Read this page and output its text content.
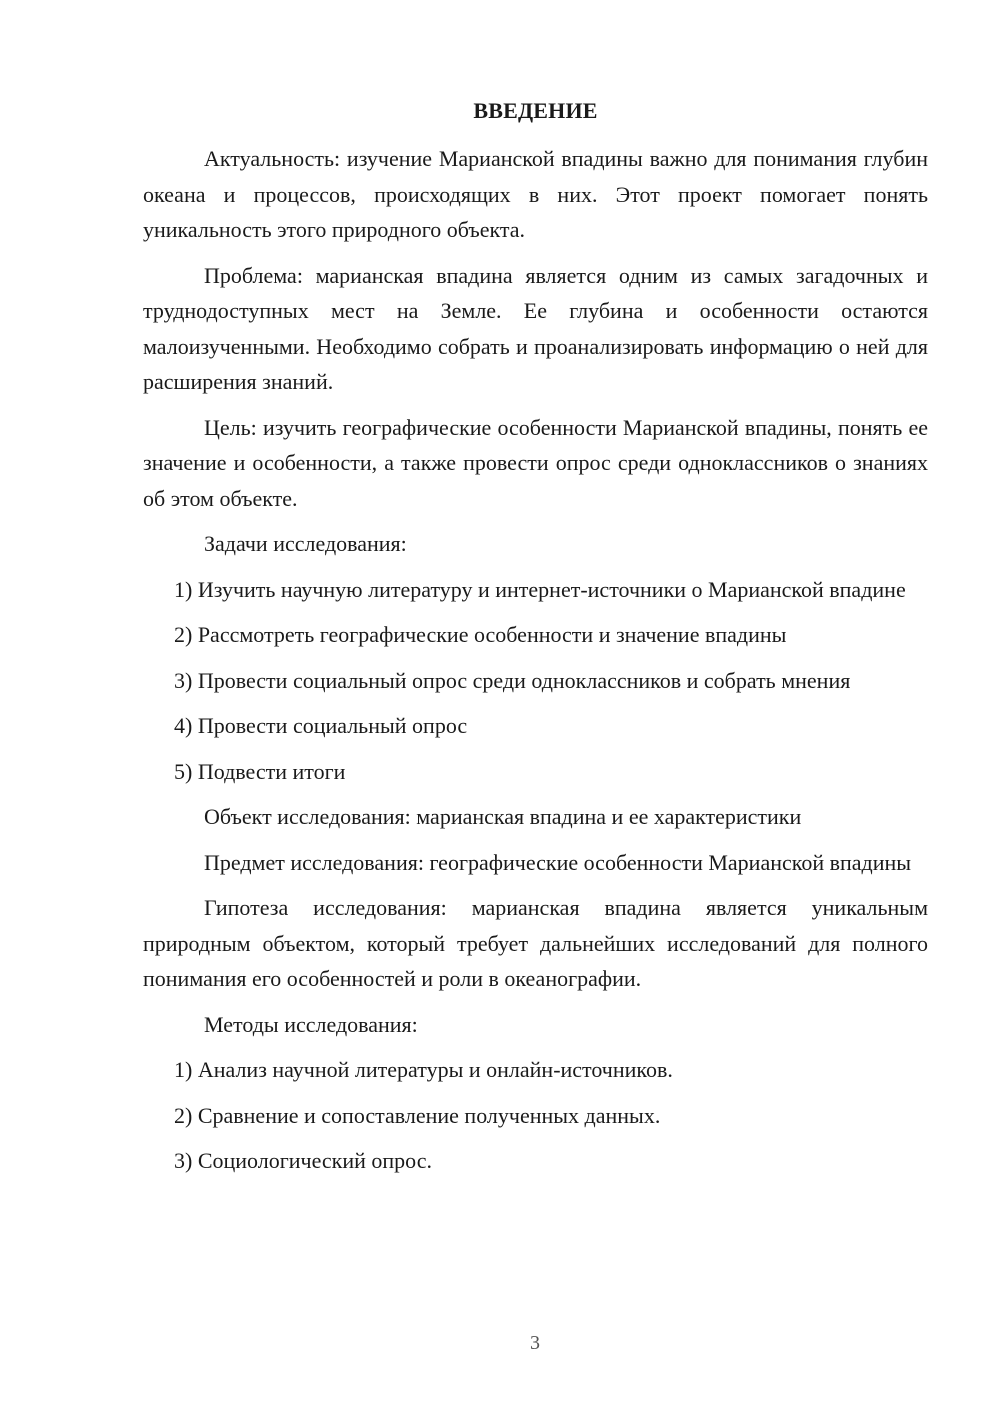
ВВЕДЕНИЕ

Актуальность: изучение Марианской впадины важно для понимания глубин океана и процессов, происходящих в них. Этот проект помогает понять уникальность этого природного объекта.

Проблема: марианская впадина является одним из самых загадочных и труднодоступных мест на Земле. Ее глубина и особенности остаются малоизученными. Необходимо собрать и проанализировать информацию о ней для расширения знаний.

Цель: изучить географические особенности Марианской впадины, понять ее значение и особенности, а также провести опрос среди одноклассников о знаниях об этом объекте.

Задачи исследования:

1) Изучить научную литературу и интернет-источники о Марианской впадине

2) Рассмотреть географические особенности и значение впадины

3) Провести социальный опрос среди одноклассников и собрать мнения

4) Провести социальный опрос

5) Подвести итоги

Объект исследования: марианская впадина и ее характеристики

Предмет исследования: географические особенности Марианской впадины

Гипотеза исследования: марианская впадина является уникальным природным объектом, который требует дальнейших исследований для полного понимания его особенностей и роли в океанографии.

Методы исследования:

1) Анализ научной литературы и онлайн-источников.

2) Сравнение и сопоставление полученных данных.

3) Социологический опрос.

3
